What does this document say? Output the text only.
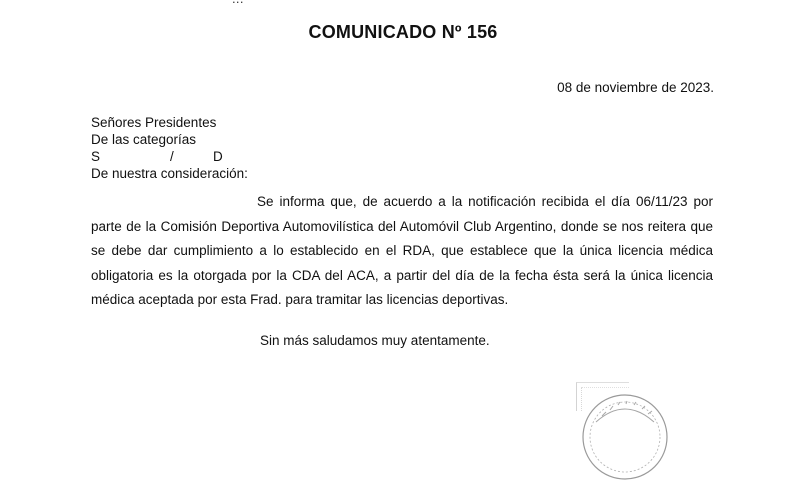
COMUNICADO Nº 156
08 de noviembre de 2023.
Señores Presidentes
De las categorías
S	/	D
De nuestra consideración:
Se informa que, de acuerdo a la notificación recibida el día 06/11/23 por parte de la Comisión Deportiva Automovilística del Automóvil Club Argentino, donde se nos reitera que se debe dar cumplimiento a lo establecido en el RDA, que establece que la única licencia médica obligatoria es la otorgada por la CDA del ACA, a partir del día de la fecha ésta será la única licencia médica aceptada por esta Frad. para tramitar las licencias deportivas.
Sin más saludamos muy atentamente.
